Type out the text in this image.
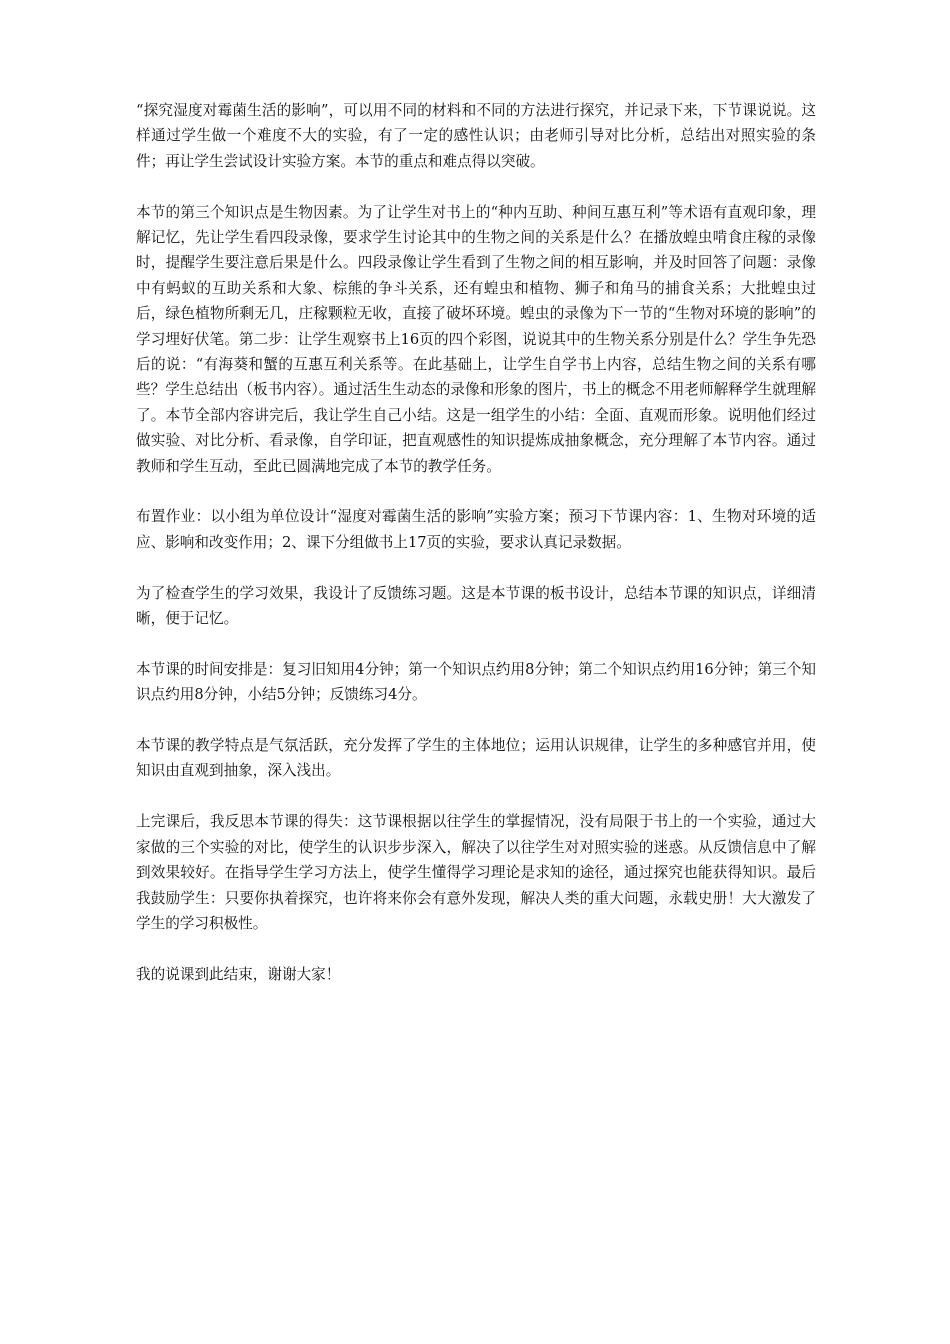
“探究湿度对霉菌生活的影响”，可以用不同的材料和不同的方法进行探究，并记录下来，下节课说说。这样通过学生做一个难度不大的实验，有了一定的感性认识；由老师引导对比分析，总结出对照实验的条件；再让学生尝试设计实验方案。本节的重点和难点得以突破。

本节的第三个知识点是生物因素。为了让学生对书上的“种内互助、种间互惠互利”等术语有直观印象，理解记忆，先让学生看四段录像，要求学生讨论其中的生物之间的关系是什么？在播放蝗虫啃食庄稼的录像时，提醒学生要注意后果是什么。四段录像让学生看到了生物之间的相互影响，并及时回答了问题：录像中有蚂蚁的互助关系和大象、棕熊的争斗关系，还有蝗虫和植物、狮子和角马的捕食关系；大批蝗虫过后，绿色植物所剩无几，庄稼颗粒无收，直接了破坏环境。蝗虫的录像为下一节的“生物对环境的影响”的学习埋好伏笔。第二步：让学生观察书上16页的四个彩图，说说其中的生物关系分别是什么？学生争先恐后的说：“有海葵和蟹的互惠互利关系等。在此基础上，让学生自学书上内容，总结生物之间的关系有哪些？学生总结出（板书内容）。通过活生生动态的录像和形象的图片，书上的概念不用老师解释学生就理解了。本节全部内容讲完后，我让学生自己小结。这是一组学生的小结：全面、直观而形象。说明他们经过做实验、对比分析、看录像，自学印证，把直观感性的知识提炼成抽象概念，充分理解了本节内容。通过教师和学生互动，至此已圆满地完成了本节的教学任务。

布置作业：以小组为单位设计“湿度对霉菌生活的影响”实验方案；预习下节课内容：1、生物对环境的适应、影响和改变作用；2、课下分组做书上17页的实验，要求认真记录数据。

为了检查学生的学习效果，我设计了反馈练习题。这是本节课的板书设计，总结本节课的知识点，详细清晰，便于记忆。

本节课的时间安排是：复习旧知用4分钟；第一个知识点约用8分钟；第二个知识点约用16分钟；第三个知识点约用8分钟，小结5分钟；反馈练习4分。

本节课的教学特点是气氛活跃，充分发挥了学生的主体地位；运用认识规律，让学生的多种感官并用，使知识由直观到抽象，深入浅出。

上完课后，我反思本节课的得失：这节课根据以往学生的掌握情况，没有局限于书上的一个实验，通过大家做的三个实验的对比，使学生的认识步步深入，解决了以往学生对对照实验的迷惑。从反馈信息中了解到效果较好。在指导学生学习方法上，使学生懂得学习理论是求知的途径，通过探究也能获得知识。最后我鼓励学生：只要你执着探究，也许将来你会有意外发现，解决人类的重大问题，永载史册！大大激发了学生的学习积极性。

我的说课到此结束，谢谢大家！
